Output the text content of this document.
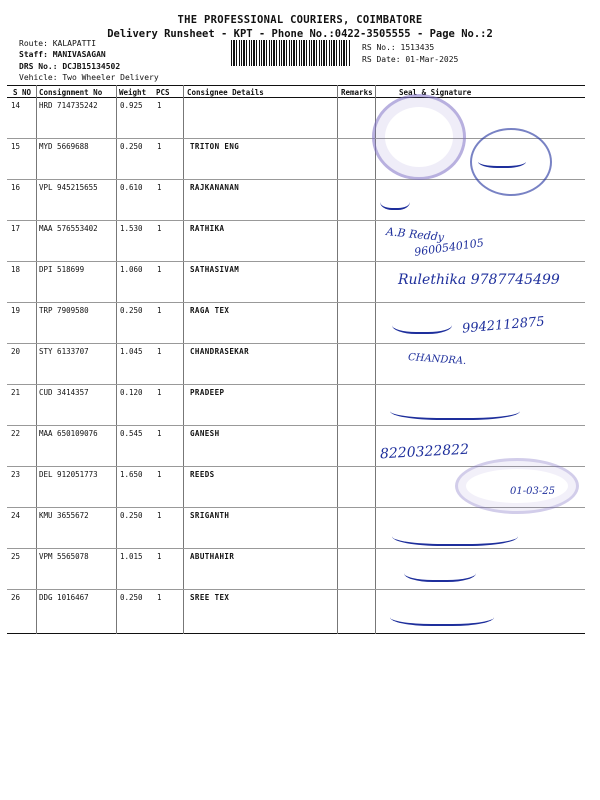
THE PROFESSIONAL COURIERS, COIMBATORE
Delivery Runsheet - KPT - Phone No.:0422-3505555 - Page No.:2
Route: KALAPATTI
Staff: MANIVASAGAN
DRS No.: DCJB15134502
Vehicle: Two Wheeler Delivery
RS No.: 1513435
RS Date: 01-Mar-2025
S NO Consignment No Weight PCS Consignee Details	Remarks	Seal & Signature
14	HRD 714735242	0.925 1
15	MYD 5669688	0.250 1	TRITON ENG
16	VPL 945215655	0.610 1	RAJKANANAN
17	MAA 576553402	1.530 1	RATHIKA
18	DPI 518699	1.060 1	SATHASIVAM
19	TRP 7909580	0.250 1	RAGA TEX
20	STY 6133707	1.045 1	CHANDRASEKAR
21	CUD 3414357	0.120 1	PRADEEP
22	MAA 650109076	0.545 1	GANESH
23	DEL 912051773	1.650 1	REEDS
24	KMU 3655672	0.250 1	SRIGANTH
25	VPM 5565078	1.015 1	ABUTHAHIR
26	DDG 1016467	0.250 1	SREE TEX
A.B Reddy
9600540105
Rulethika 9787745499
9942112875
CHANDRA.
8220322822
01-03-25
